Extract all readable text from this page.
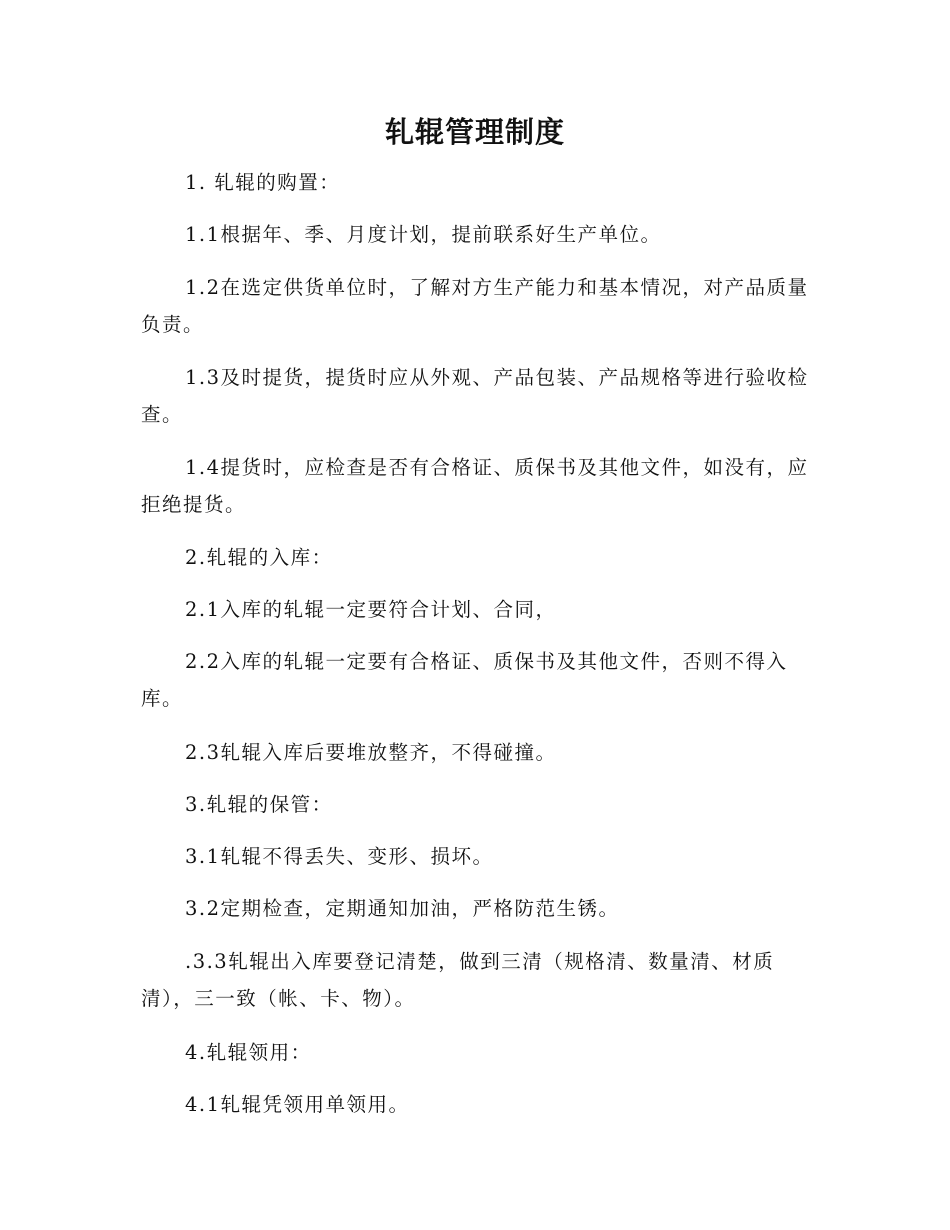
轧辊管理制度

1. 轧辊的购置：

1.1根据年、季、月度计划，提前联系好生产单位。

1.2在选定供货单位时，了解对方生产能力和基本情况，对产品质量负责。

1.3及时提货，提货时应从外观、产品包装、产品规格等进行验收检查。

1.4提货时，应检查是否有合格证、质保书及其他文件，如没有，应拒绝提货。

2.轧辊的入库：

2.1入库的轧辊一定要符合计划、合同，

2.2入库的轧辊一定要有合格证、质保书及其他文件，否则不得入库。

2.3轧辊入库后要堆放整齐，不得碰撞。

3.轧辊的保管：

3.1轧辊不得丢失、变形、损坏。

3.2定期检查，定期通知加油，严格防范生锈。

.3.3轧辊出入库要登记清楚，做到三清（规格清、数量清、材质清），三一致（帐、卡、物）。

4.轧辊领用：

4.1轧辊凭领用单领用。
